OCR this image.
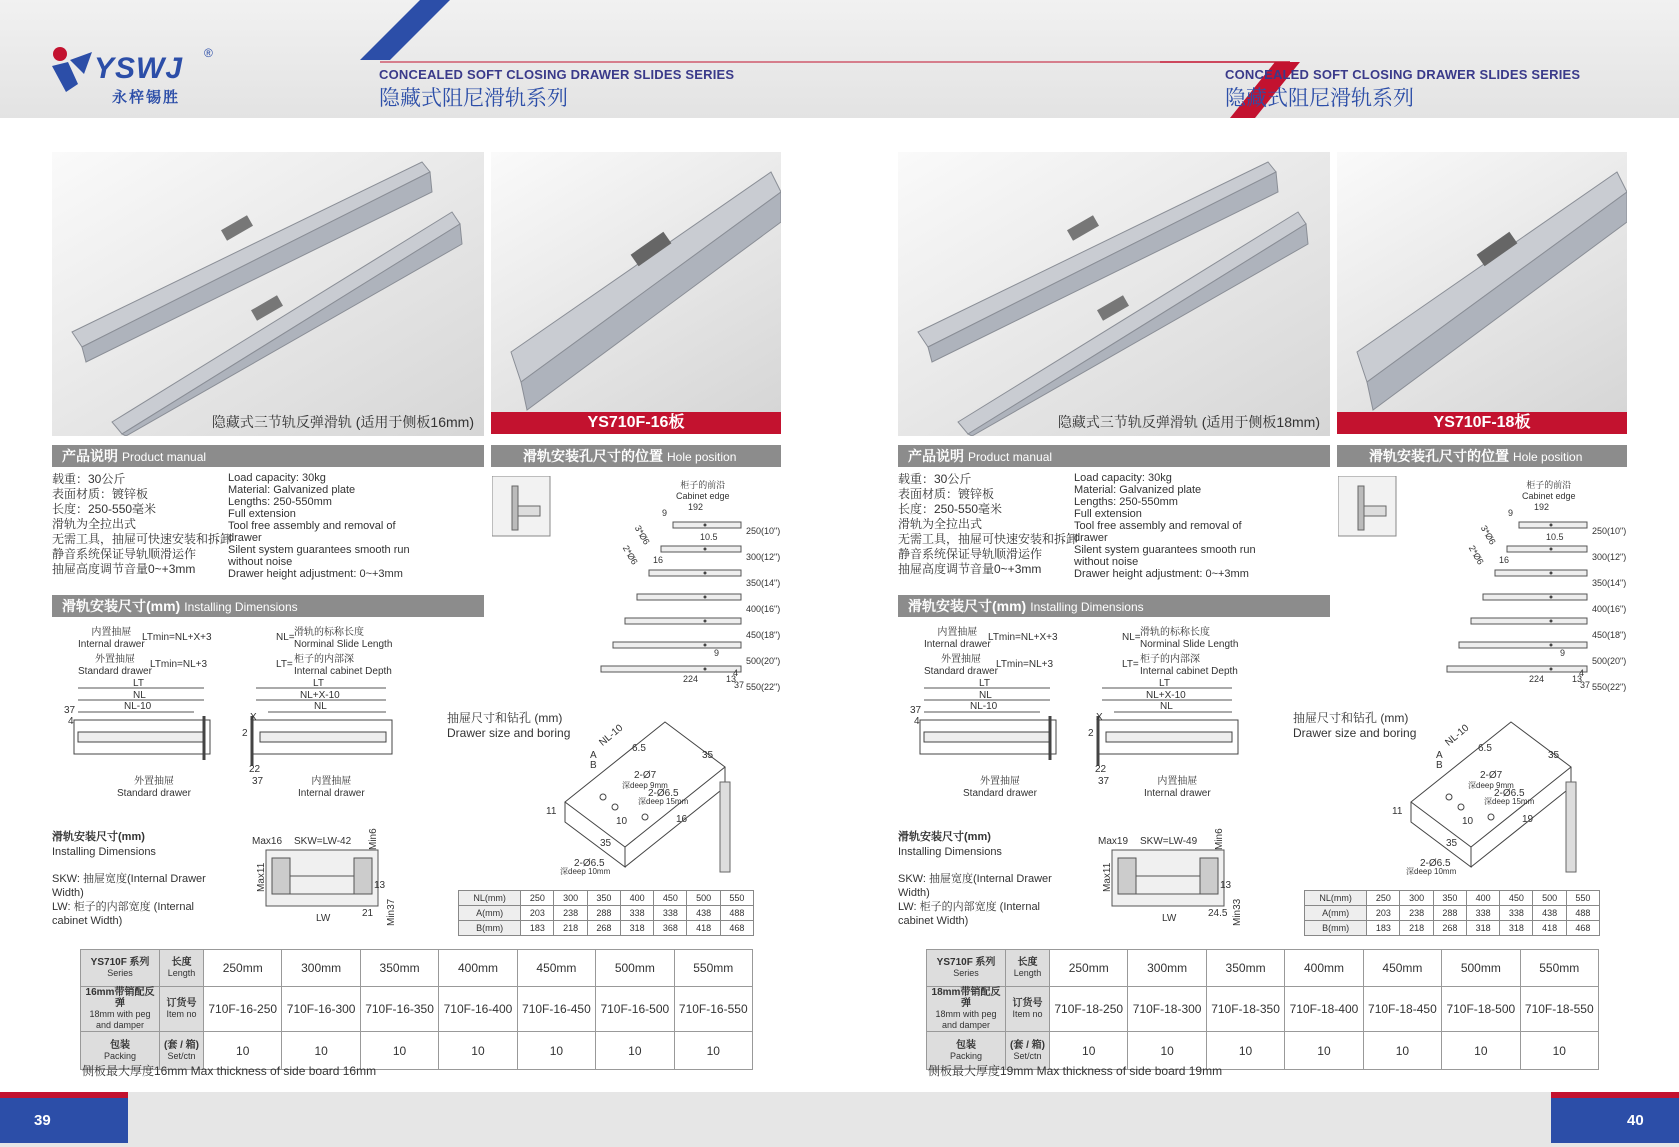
YSWJ ®
永梓锡胜
39	40
CONCEALED SOFT CLOSING DRAWER SLIDES SERIES
隐藏式阻尼滑轨系列
隐藏式三节轨反弹滑轨 (适用于侧板16mm)	YS710F-16板
产品说明 Product manual
载重：30公斤
表面材质：镀锌板
长度：250-550毫米
滑轨为全拉出式
无需工具，抽屉可快速安装和拆卸
静音系统保证导轨顺滑运作
抽屉高度调节音量0~+3mm
Load capacity: 30kg
Material: Galvanized plate
Lengths: 250-550mm
Full extension
Tool free assembly and removal of
drawer
Silent system guarantees smooth run
without noise
Drawer height adjustment: 0~+3mm
滑轨安装孔尺寸的位置 Hole position
柜子的前沿
Cabinet edge
192
9
10.5
16
9
224
4
13
3*Ø6
2*Ø6
37
250(10")
300(12")
350(14")
400(16")
450(18")
500(20")
550(22")
滑轨安装尺寸(mm) Installing Dimensions
内置抽屉
Internal drawer
LTmin=NL+X+3
外置抽屉
Standard drawer
LTmin=NL+3
NL= 滑轨的标称长度
Norminal Slide Length
LT= 柜子的内部深
Internal cabinet Depth
LT
NL
NL-10
37
4
外置抽屉
Standard drawer
LT
NL+X-10
NL
X
2
22
37	内置抽屉
Internal drawer
抽屉尺寸和钻孔 (mm)
Drawer size and boring	NL-10
A
B
6.5
35
2-Ø7
深deep 9mm
2-Ø6.5
深deep 15mm
11
10	16
35
2-Ø6.5
深deep 10mm
滑轨安装尺寸(mm)
Installing Dimensions
SKW: 抽屉宽度(Internal Drawer
Width)
LW: 柜子的内部宽度 (Internal
cabinet Width)
Max16 SKW=LW-42 Min6
Max11
LW
13
21 Min37
NL(mm)	250	300	350	400	450	500	550
A(mm)	203	238	288	338	338	438	488
B(mm)	183	218	268	318	368	418	468
YS710F 系列
Series	长度
Length	250mm	300mm	350mm	400mm	450mm	500mm	550mm
16mm带销配反弹
18mm with peg
and damper	订货号
Item no	710F-16-250	710F-16-300	710F-16-350	710F-16-400	710F-16-450	710F-16-500	710F-16-550
包装
Packing	(套 / 箱)
Set/ctn	10	10	10	10	10	10	10
侧板最大厚度16mm Max thickness of side board 16mm
CONCEALED SOFT CLOSING DRAWER SLIDES SERIES
隐藏式阻尼滑轨系列
隐藏式三节轨反弹滑轨 (适用于侧板18mm)	YS710F-18板
产品说明 Product manual
载重：30公斤
表面材质：镀锌板
长度：250-550毫米
滑轨为全拉出式
无需工具，抽屉可快速安装和拆卸
静音系统保证导轨顺滑运作
抽屉高度调节音量0~+3mm
Load capacity: 30kg
Material: Galvanized plate
Lengths: 250-550mm
Full extension
Tool free assembly and removal of
drawer
Silent system guarantees smooth run
without noise
Drawer height adjustment: 0~+3mm
滑轨安装孔尺寸的位置 Hole position
柜子的前沿
Cabinet edge
192
9
10.5
16
9
224
4
13
3*Ø6
2*Ø6
37
250(10")
300(12")
350(14")
400(16")
450(18")
500(20")
550(22")
滑轨安装尺寸(mm) Installing Dimensions
内置抽屉
Internal drawer
LTmin=NL+X+3
外置抽屉
Standard drawer
LTmin=NL+3
NL= 滑轨的标称长度
Norminal Slide Length
LT= 柜子的内部深
Internal cabinet Depth
LT
NL
NL-10
37
4
外置抽屉
Standard drawer
LT
NL+X-10
NL
X
2
22
37	内置抽屉
Internal drawer
抽屉尺寸和钻孔 (mm)
Drawer size and boring	NL-10
A
B
6.5
35
2-Ø7
深deep 9mm
2-Ø6.5
深deep 15mm
11
10	19
35
2-Ø6.5
深deep 10mm
滑轨安装尺寸(mm)
Installing Dimensions
SKW: 抽屉宽度(Internal Drawer
Width)
LW: 柜子的内部宽度 (Internal
cabinet Width)
Max19 SKW=LW-49 Min6
Max11
LW
13
24.5 Min33
NL(mm)	250	300	350	400	450	500	550
A(mm)	203	238	288	338	338	438	488
B(mm)	183	218	268	318	318	418	468
YS710F 系列
Series	长度
Length	250mm	300mm	350mm	400mm	450mm	500mm	550mm
18mm带销配反弹
18mm with peg
and damper	订货号
Item no	710F-18-250	710F-18-300	710F-18-350	710F-18-400	710F-18-450	710F-18-500	710F-18-550
包装
Packing	(套 / 箱)
Set/ctn	10	10	10	10	10	10	10
侧板最大厚度19mm Max thickness of side board 19mm
